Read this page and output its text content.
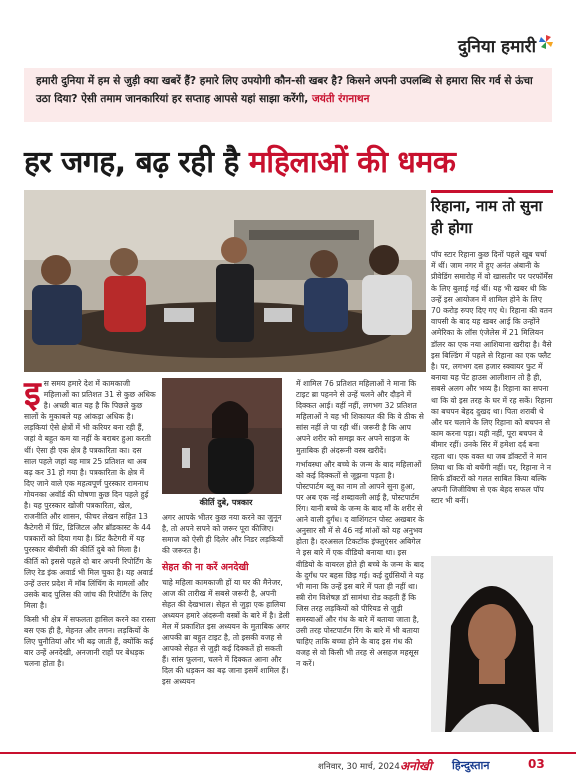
दुनिया हमारी
हमारी दुनिया में हम से जुड़ी क्या खबरें हैं? हमारे लिए उपयोगी कौन-सी खबर है? किसने अपनी उपलब्धि से हमारा सिर गर्व से ऊंचा उठा दिया? ऐसी तमाम जानकारियां हर सप्ताह आपसे यहां साझा करेंगी, जयंती रंगनाथन
हर जगह, बढ़ रही है महिलाओं की धमक
रिहाना, नाम तो सुना ही होगा
पॉप स्टार रिहाना कुछ दिनों पहले खूब चर्चा में थीं। जाम नगर में हुए अनंत अंबानी के प्रीवेडिंग समारोह में वो खासतौर पर परफॉर्मेंस के लिए बुलाई गई थीं। यह भी खबर थी कि उन्हें इस आयोजन में शामिल होने के लिए 70 करोड़ रुपए दिए गए थे। रिहाना की वतन वापसी के बाद यह खबर आई कि उन्होंने अमेरिका के लॉस एंजेलेस में 21 मिलियन डॉलर का एक नया आशियाना खरीदा है। वैसे इस बिल्डिंग में पहले से रिहाना का एक फ्लैट है। पर, लगभग दस हजार स्क्वायर फुट में बनाया यह पेंट हाउस आलीशान तो है ही, सबसे अलग और भव्य है। रिहाना का सपना था कि वो इस तरह के घर में रह सकें। रिहाना का बचपन बेहद दुखद था। पिता शराबी थे और घर चलाने के लिए रिहाना को बचपन से काम करना पड़ा। यही नहीं, पूरा बचपन वे बीमार रहीं। उनके सिर में हमेशा दर्द बना रहता था। एक वक्त था जब डॉक्टरों ने मान लिया था कि वो बचेंगी नहीं। पर, रिहाना ने न सिर्फ डॉक्टरों को गलत साबित किया बल्कि अपनी जिजीविषा से एक बेहद सफल पॉप स्टार भी बनीं।

इस समय हमारे देश में कामकाजी महिलाओं का प्रतिशत 31 से कुछ अधिक है। अच्छी बात यह है कि पिछले कुछ सालों के मुकाबले यह आंकड़ा अधिक है। लड़कियां ऐसे क्षेत्रों में भी करियर बना रही हैं, जहां वे बहुत कम या नहीं के बराबर हुआ करती थीं। ऐसा ही एक क्षेत्र है पत्रकारिता का। दस साल पहले जहां यह मात्र 25 प्रतिशत था अब बढ़ कर 31 हो गया है। पत्रकारिता के क्षेत्र में दिए जाने वाले एक महत्वपूर्ण पुरस्कार रामनाथ गोयनका अवॉर्ड की घोषणा कुछ दिन पहले हुई है। यह पुरस्कार खोजी पत्रकारिता, खेल, राजनीति और शासन, फीचर लेखन सहित 13 कैटेगरी में प्रिंट, डिजिटल और ब्रॉडकास्ट के 44 पत्रकारों को दिया गया है। प्रिंट कैटेगरी में यह पुरस्कार बीबीसी की कीर्ति दुबे को मिला है। कीर्ति को इससे पहले दो बार अपनी रिपोर्टिंग के लिए रेड इंक अवार्ड भी मिल चुका है। यह अवार्ड उन्हें उत्तर प्रदेश में मॉब लिंचिंग के मामलों और उसके बाद पुलिस की जांच की रिपोर्टिंग के लिए मिला है।

किसी भी क्षेत्र में सफलता हासिल करने का रास्ता बस एक ही है, मेहनत और लगन। लड़कियों के लिए चुनौतियां और भी बढ़ जाती हैं, क्योंकि कई बार उन्हें अनदेखी, अनजानी राहों पर बेधड़क चलना होता है।

कीर्ति दुबे, पत्रकार

अगर आपके भीतर कुछ नया करने का जुनून है, तो अपने सपने को जरूर पूरा कीजिए। समाज को ऐसी ही दिलेर और निडर लड़कियों की जरूरत है।

सेहत की ना करें अनदेखी

चाहे महिला कामकाजी हों या घर की मैनेजर, आज की तारीख में सबसे जरूरी है, अपनी सेहत की देखभाल। सेहत से जुड़ा एक हालिया अध्ययन हमारे अंदरूनी वस्त्रों के बारे में है। डेली मेल में प्रकाशित इस अध्ययन के मुताबिक अगर आपकी ब्रा बहुत टाइट है, तो इसकी वजह से आपको सेहत से जुड़ी कई दिक्कतें हो सकती हैं। सांस फूलना, चलने में दिक्कत आना और दिल की धड़कन का बढ़ जाना इसमें शामिल हैं। इस अध्ययन

में शामिल 76 प्रतिशत महिलाओं ने माना कि टाइट ब्रा पहनने से उन्हें चलने और दौड़ने में दिक्कत आई। वहीं नहीं, लगभग 32 प्रतिशत महिलाओं ने यह भी शिकायत की कि वे ठीक से सांस नहीं ले पा रही थीं। जरूरी है कि आप अपने शरीर को समझ कर अपने साइज के मुताबिक ही अंदरूनी वस्त्र खरीदें।

गर्भावस्था और बच्चे के जन्म के बाद महिलाओं को कई दिक्कतों से जूझना पड़ता है। पोस्टपार्टम ब्लू का नाम तो आपने सुना हुआ, पर अब एक नई शब्दावली आई है, पोस्टपार्टम रिंग। यानी बच्चे के जन्म के बाद माँ के शरीर से आने वाली दुर्गंध। द वाशिंगटन पोस्ट अखबार के अनुसार सौ में से 46 नई मांओं को यह अनुभव होता है। दरअसल टिकटॉक इंफ्लुएंसर अबिगेल ने इस बारे में एक वीडियो बनाया था। इस वीडियो के वायरल होते ही बच्चे के जन्म के बाद के दुर्गंध पर बहस छिड़ गई। कई दुर्ग्रसियों ने यह भी माना कि उन्हें इस बारे में पता ही नहीं था। स्त्री रोग विशेषज्ञ डॉ सामंथा रोड कहती हैं कि जिस तरह लड़कियों को पीरियड से जुड़ी समस्याओं और गंध के बारे में बताया जाता है, उसी तरह पोस्टपार्टम रिंग के बारे में भी बताया चाहिए ताकि बच्चा होने के बाद इस गंध की वजह से वो किसी भी तरह से असहज महसूस न करें।

शनिवार, 30 मार्च, 2024 अनोखी हिन्दुस्तान	03
